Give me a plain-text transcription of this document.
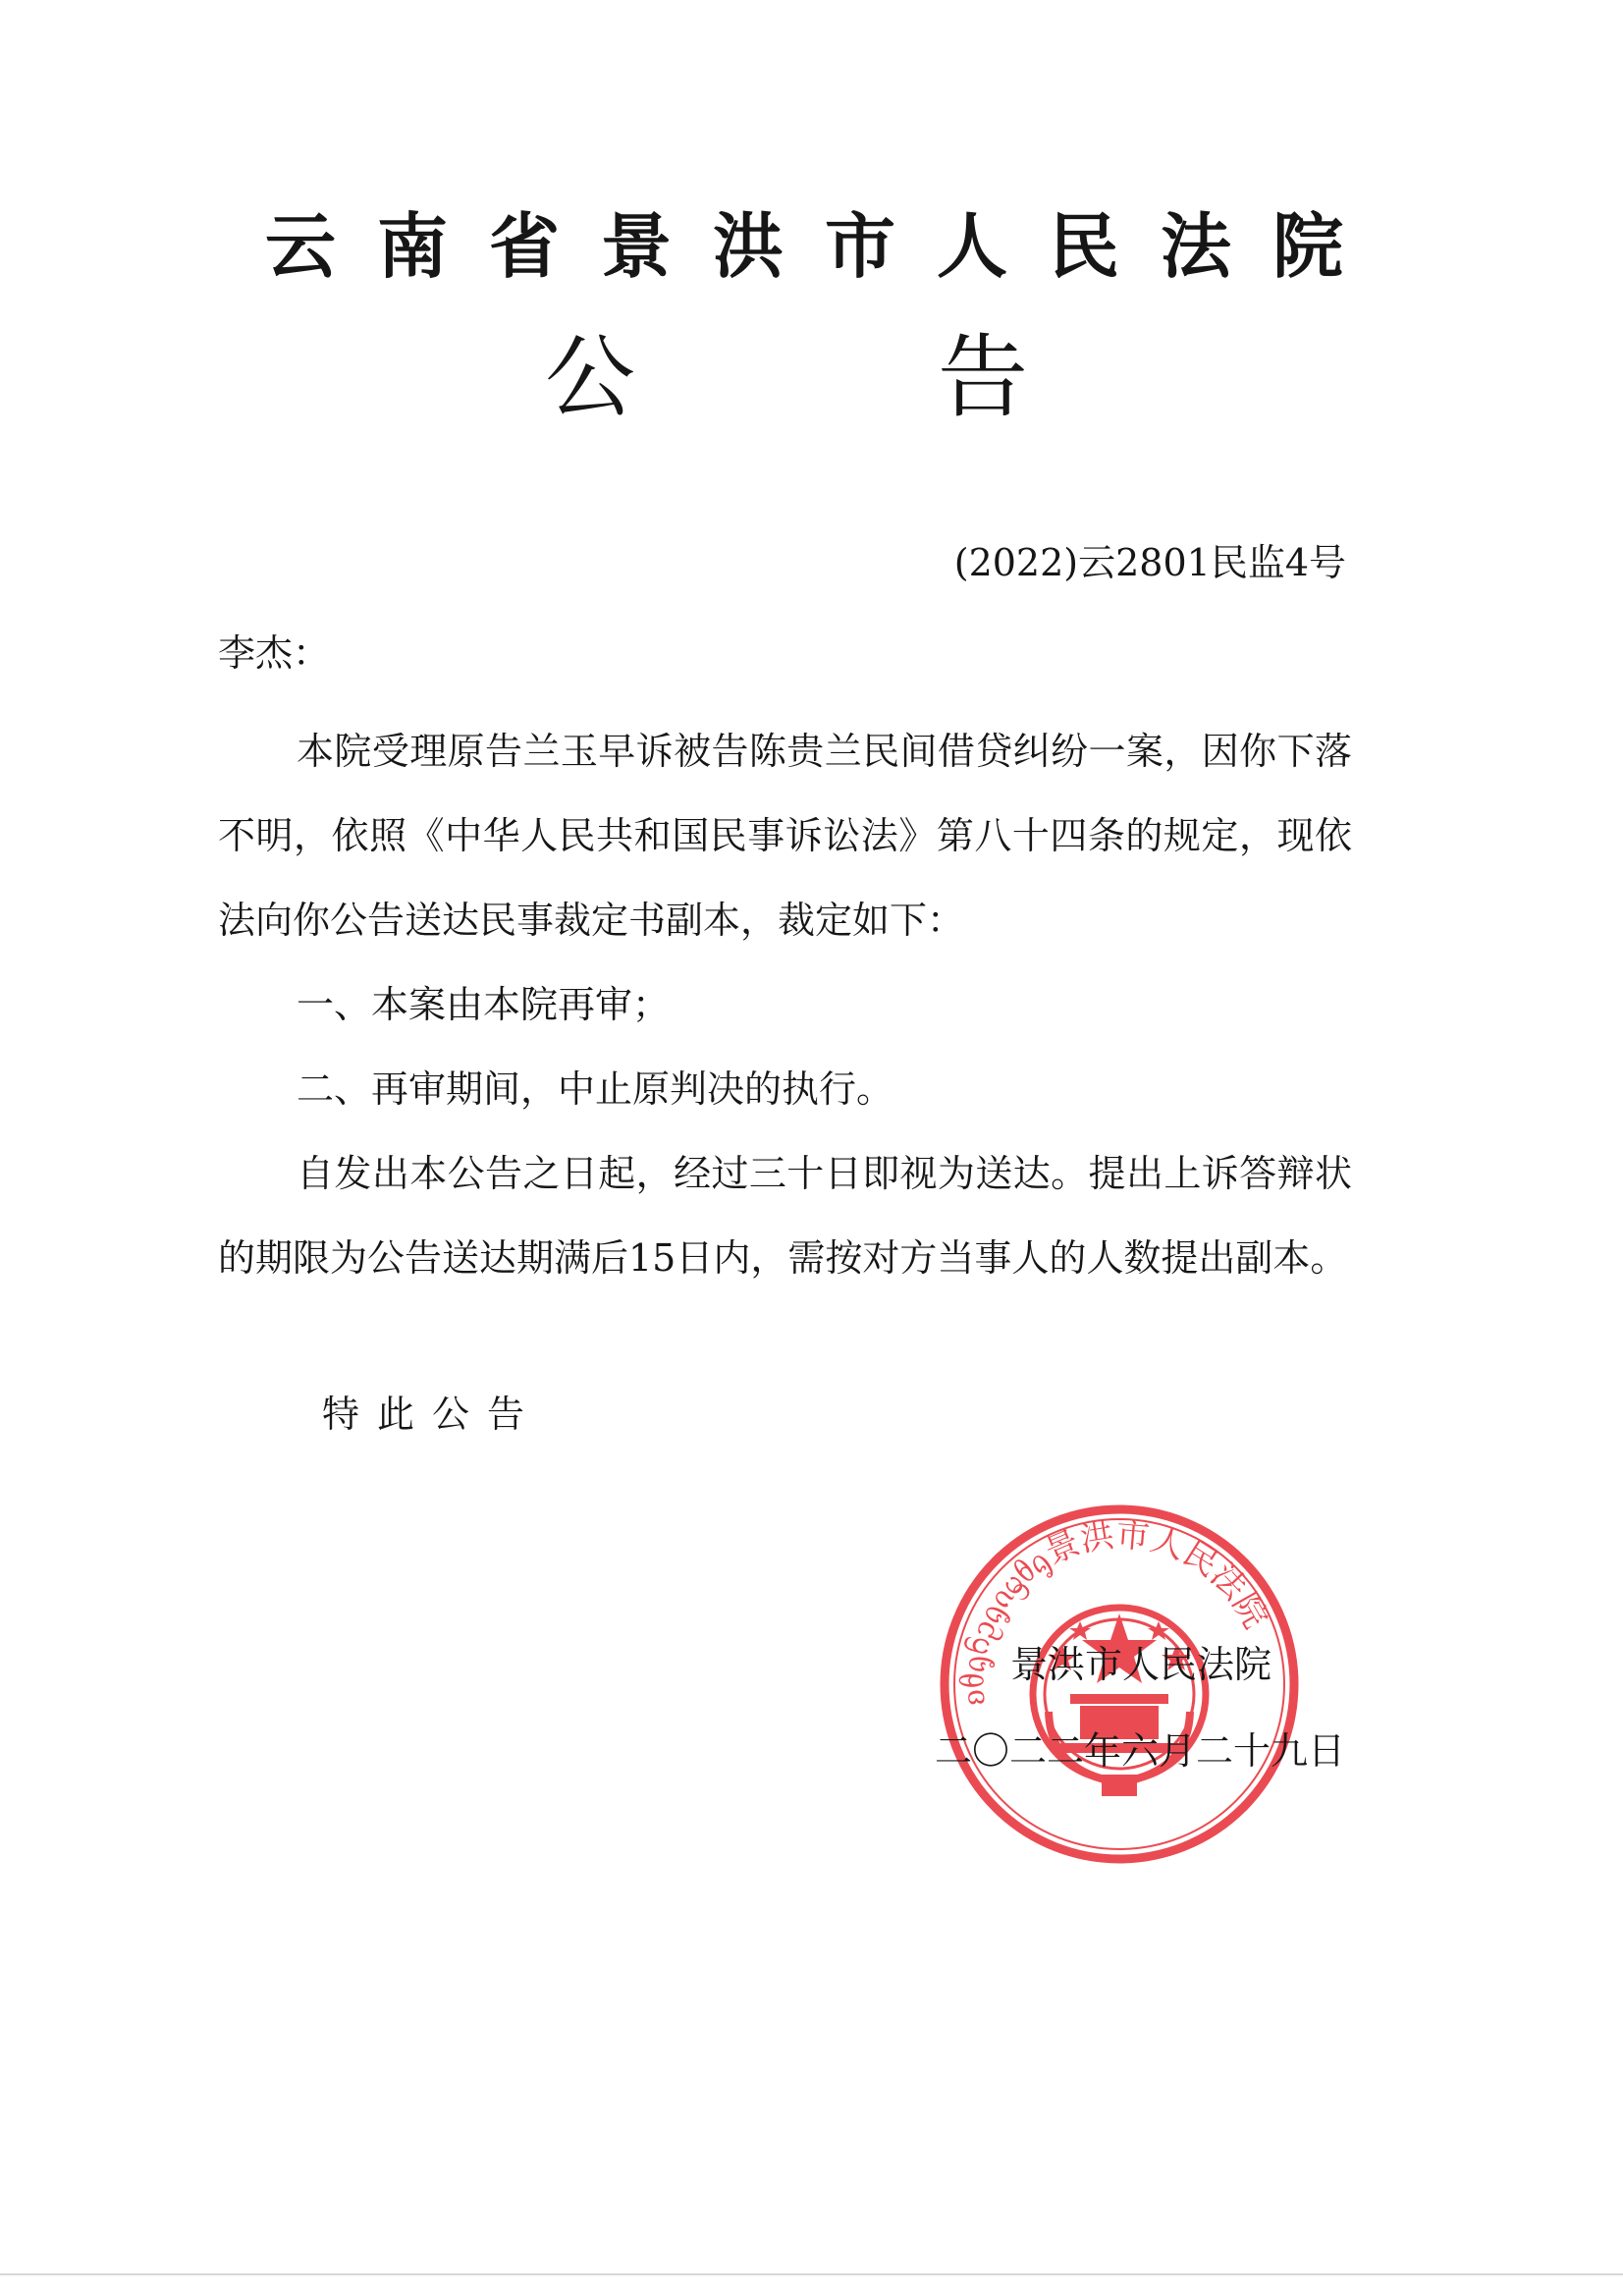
云南省景洪市人民法院
公	告
(2022)云2801民监4号
李杰：

本院受理原告兰玉早诉被告陈贵兰民间借贷纠纷一案，因你下落不明，依照《中华人民共和国民事诉讼法》第八十四条的规定，现依法向你公告送达民事裁定书副本，裁定如下：

一、本案由本院再审；

二、再审期间，中止原判决的执行。

自发出本公告之日起，经过三十日即视为送达。提出上诉答辩状的期限为公告送达期满后15日内，需按对方当事人的人数提出副本。

特此公告
ᦈᦲᧂᦆᦳᧂᦵᦙᦲᧂ景洪市人民法院
景洪市人民法院
二〇二二年六月二十九日
